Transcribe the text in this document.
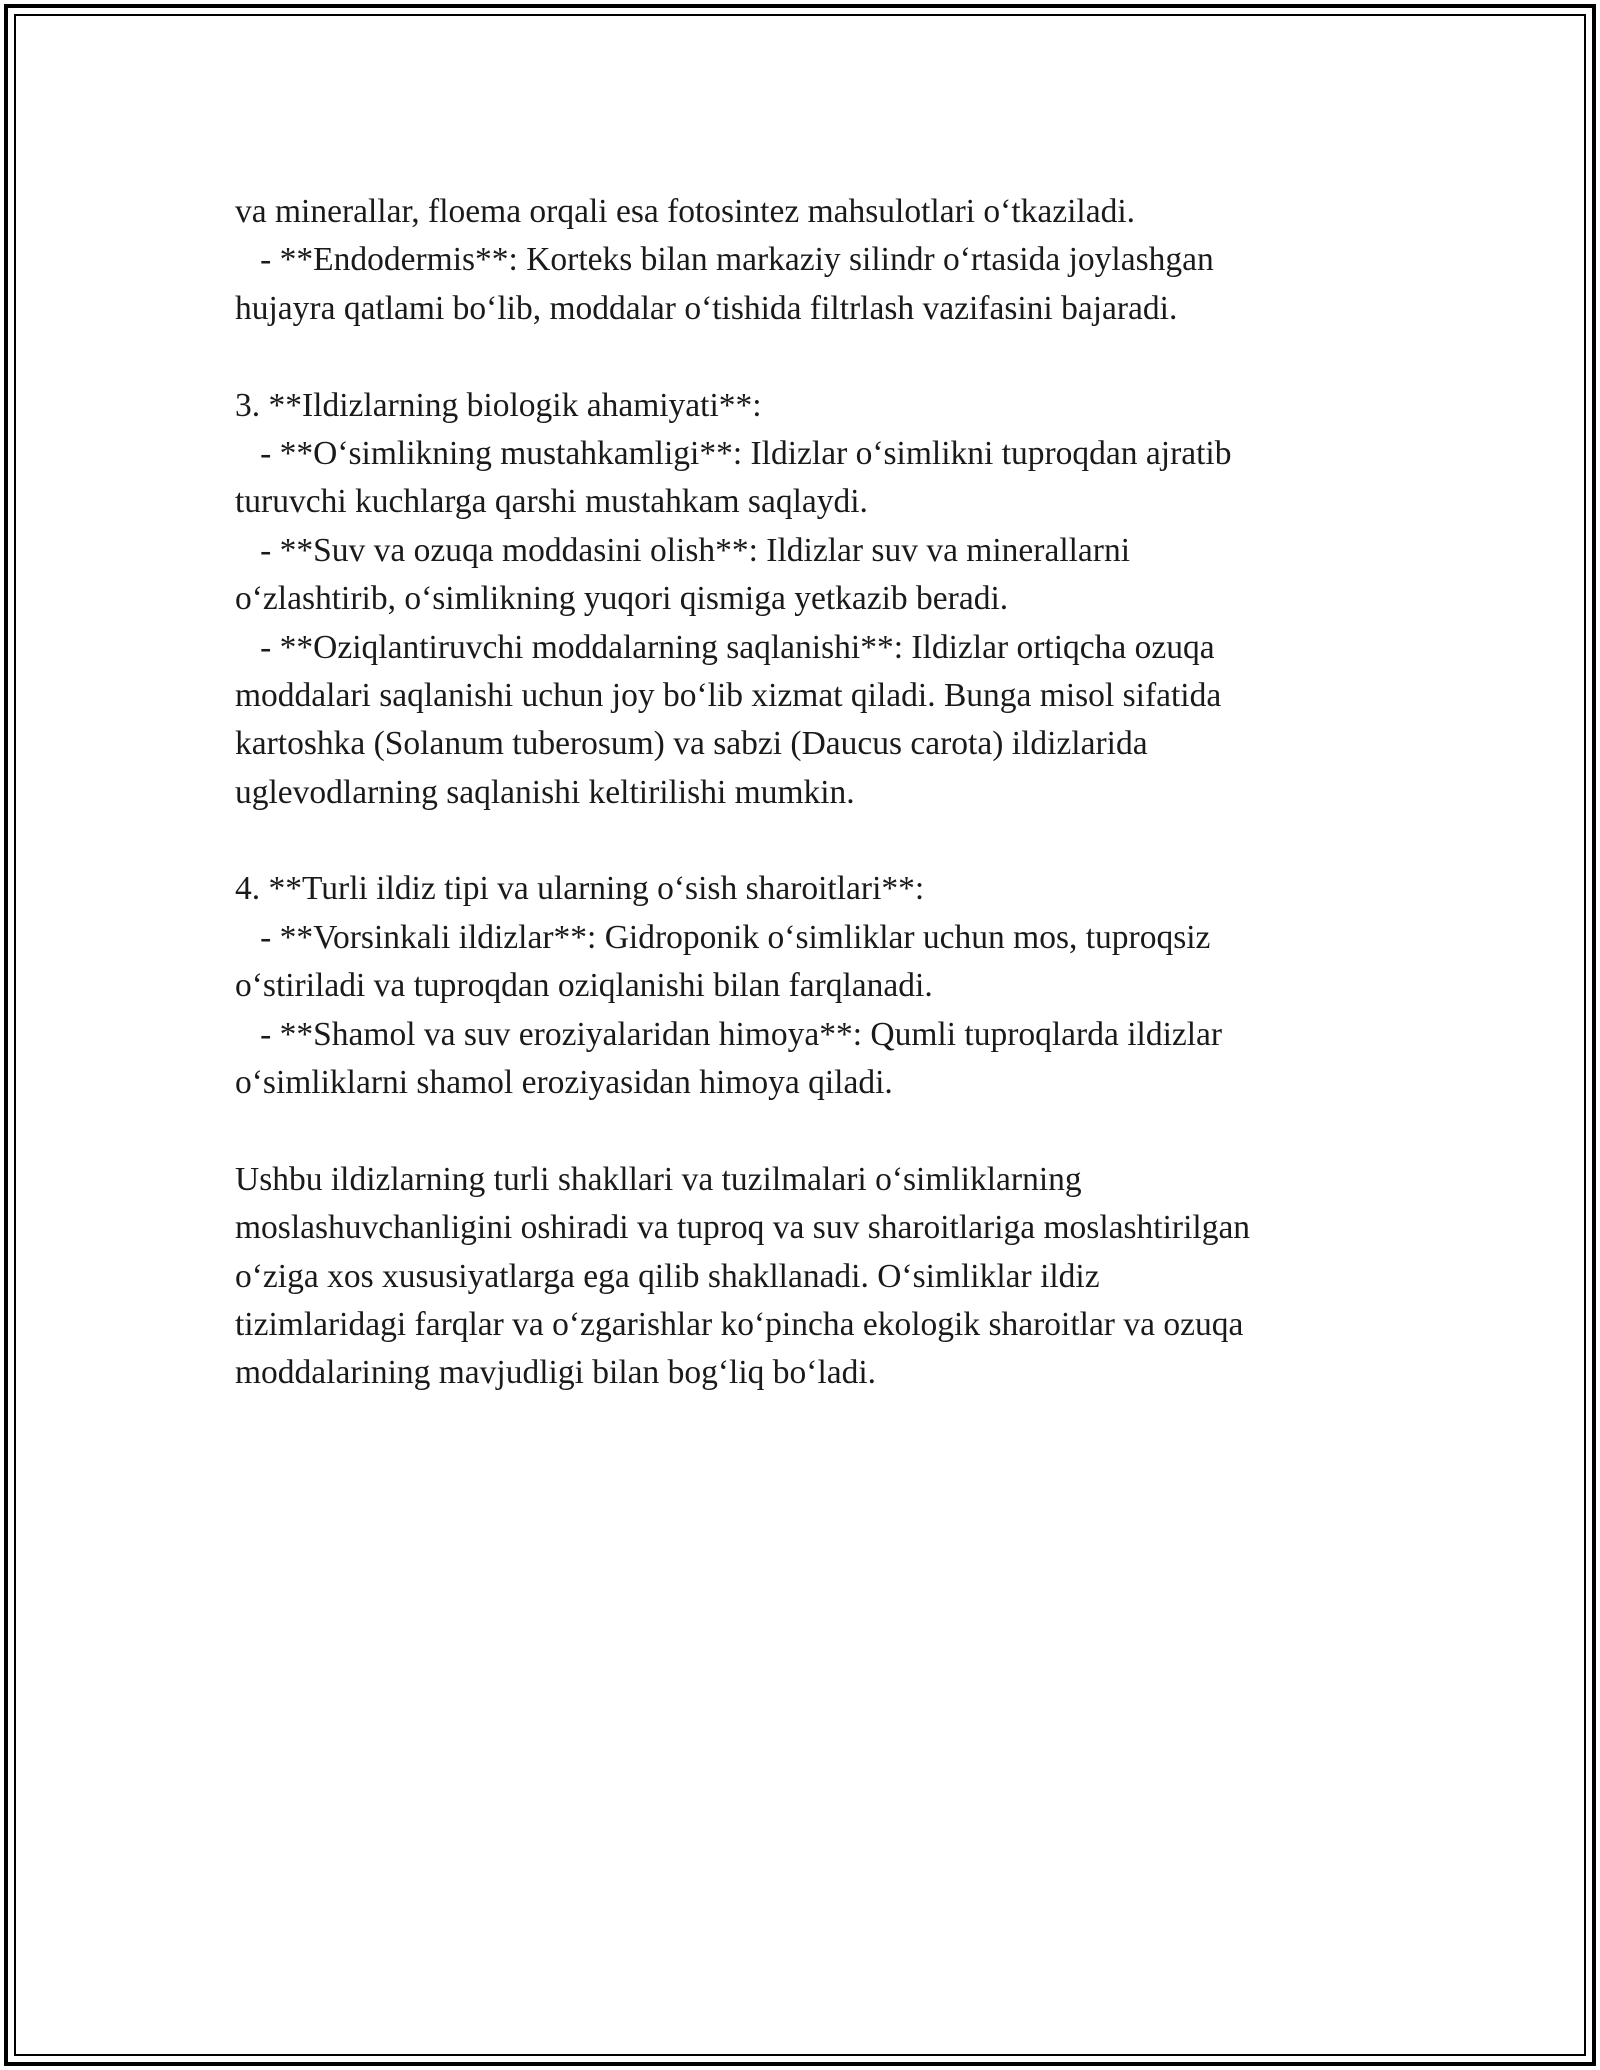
va minerallar, floema orqali esa fotosintez mahsulotlari o‘tkaziladi.
- **Endodermis**: Korteks bilan markaziy silindr o‘rtasida joylashgan
hujayra qatlami bo‘lib, moddalar o‘tishida filtrlash vazifasini bajaradi.
3. **Ildizlarning biologik ahamiyati**:
- **O‘simlikning mustahkamligi**: Ildizlar o‘simlikni tuproqdan ajratib
turuvchi kuchlarga qarshi mustahkam saqlaydi.
- **Suv va ozuqa moddasini olish**: Ildizlar suv va minerallarni
o‘zlashtirib, o‘simlikning yuqori qismiga yetkazib beradi.
- **Oziqlantiruvchi moddalarning saqlanishi**: Ildizlar ortiqcha ozuqa
moddalari saqlanishi uchun joy bo‘lib xizmat qiladi. Bunga misol sifatida
kartoshka (Solanum tuberosum) va sabzi (Daucus carota) ildizlarida
uglevodlarning saqlanishi keltirilishi mumkin.
4. **Turli ildiz tipi va ularning o‘sish sharoitlari**:
- **Vorsinkali ildizlar**: Gidroponik o‘simliklar uchun mos, tuproqsiz
o‘stiriladi va tuproqdan oziqlanishi bilan farqlanadi.
- **Shamol va suv eroziyalaridan himoya**: Qumli tuproqlarda ildizlar
o‘simliklarni shamol eroziyasidan himoya qiladi.
Ushbu ildizlarning turli shakllari va tuzilmalari o‘simliklarning
moslashuvchanligini oshiradi va tuproq va suv sharoitlariga moslashtirilgan
o‘ziga xos xususiyatlarga ega qilib shakllanadi. O‘simliklar ildiz
tizimlaridagi farqlar va o‘zgarishlar ko‘pincha ekologik sharoitlar va ozuqa
moddalarining mavjudligi bilan bog‘liq bo‘ladi.
